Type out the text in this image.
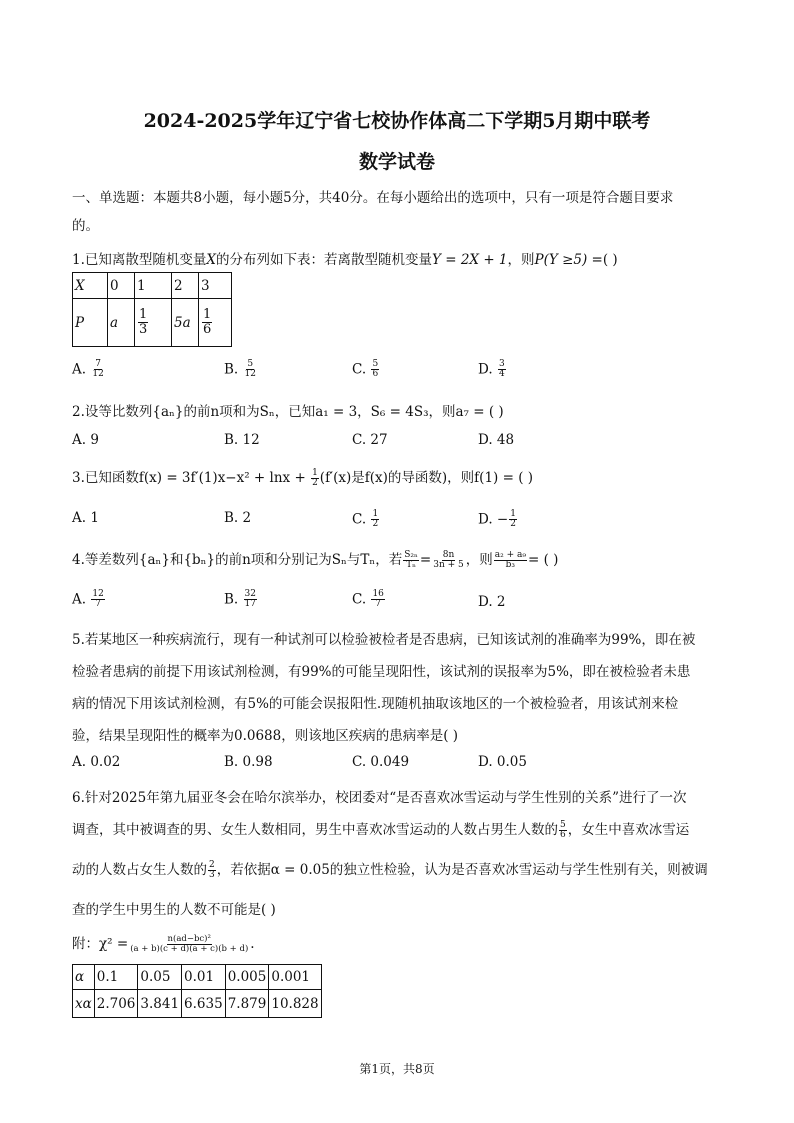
2024-2025学年辽宁省七校协作体高二下学期5月期中联考
数学试卷
一、单选题：本题共8小题，每小题5分，共40分。在每小题给出的选项中，只有一项是符合题目要求
的。
1.已知离散型随机变量X的分布列如下表：若离散型随机变量Y = 2X + 1，则P(Y ≥5) =( )
X	0	1	2	3
P	a	$\frac{1}{3}$	5a	$\frac{1}{6}$
A. $\frac{7}{12}$	B. $\frac{5}{12}$	C. $\frac{5}{6}$	D. $\frac{3}{4}$
2.设等比数列{aₙ}的前n项和为Sₙ，已知a₁ = 3，S₆ = 4S₃，则a₇ = ( )
A. 9	B. 12	C. 27	D. 48
3.已知函数$f(x) = 3f'(1)x-x^2 + \ln x + \frac{1}{2} (f'(x)$是f(x)的导函数)，则f(1) = ( )
A. 1	B. 2	C. $\frac{1}{2}$	D. − $\frac{1}{2}$
4.等差数列{aₙ}和{bₙ}的前n项和分别记为Sₙ与Tₙ，若 $\frac{\text{S₂ₙ}}{\text{Tₙ}} = \frac{8n}{3n + 5}$ ，则 $\frac{\text{a₂ + a₉}}{\text{b₃}}$ = ( )
A. $\frac{12}{7}$	B. $\frac{32}{17}$	C. $\frac{16}{7}$	D. 2
5.若某地区一种疾病流行，现有一种试剂可以检验被检者是否患病，已知该试剂的准确率为99%，即在被
检验者患病的前提下用该试剂检测，有99%的可能呈现阳性，该试剂的误报率为5%，即在被检验者未患
病的情况下用该试剂检测，有5%的可能会误报阳性.现随机抽取该地区的一个被检验者，用该试剂来检
验，结果呈现阳性的概率为0.0688，则该地区疾病的患病率是( )
A. 0.02	B. 0.98	C. 0.049	D. 0.05
6.针对2025年第九届亚冬会在哈尔滨举办，校团委对“是否喜欢冰雪运动与学生性别的关系”进行了一次
调查，其中被调查的男、女生人数相同，男生中喜欢冰雪运动的人数占男生人数的 $\frac{5}{6}$ ，女生中喜欢冰雪运
动的人数占女生人数的 $\frac{2}{3}$ ，若依据α = 0.05的独立性检验，认为是否喜欢冰雪运动与学生性别有关，则被调
查的学生中男生的人数不可能是( )
附：$\chi^2 = \frac{\text{n(ad−bc)²}}{(a + b)(c + d)(a + c)(b + d)}$ .
α	0.1	0.05	0.01	0.005	0.001
xα	2.706	3.841	6.635	7.879	10.828
第1页，共8页
